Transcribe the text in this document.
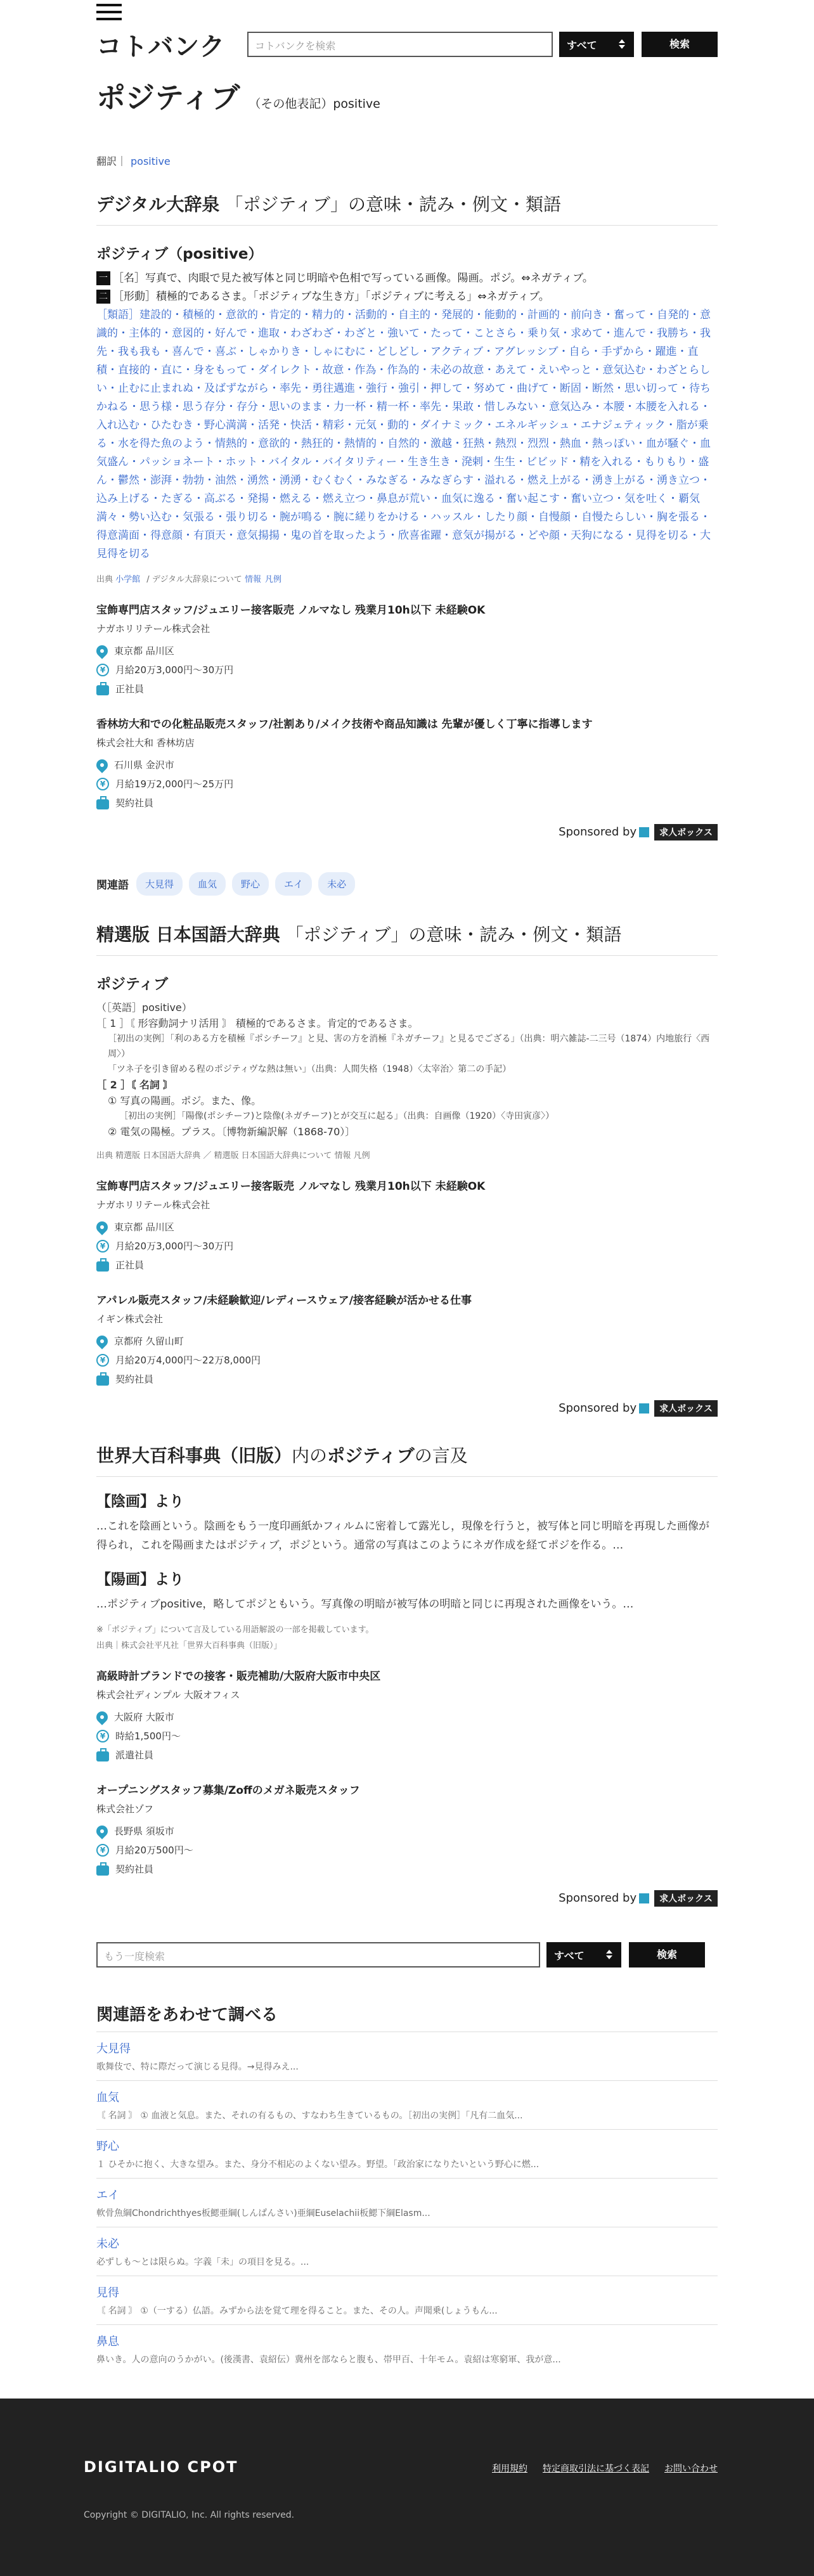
コトバンク	コトバンクを検索	すべて	検索
ポジティブ （その他表記）positive
翻訳｜ positive
デジタル大辞泉 「ポジティブ」の意味・読み・例文・類語
ポジティブ（positive）
一 ［名］写真で、肉眼で見た被写体と同じ明暗や色相で写っている画像。陽画。ポジ。⇔ネガティブ。
二 ［形動］積極的であるさま。「ポジティブな生き方」「ポジティブに考える」⇔ネガティブ。
［類語］建設的・積極的・意欲的・肯定的・精力的・活動的・自主的・発展的・能動的・計画的・前向き・奮って・自発的・意識的・主体的・意図的・好んで・進取・わざわざ・わざと・強いて・たって・ことさら・乗り気・求めて・進んで・我勝ち・我先・我も我も・喜んで・喜ぶ・しゃかりき・しゃにむに・どしどし・アクティブ・アグレッシブ・自ら・手ずから・躍進・直積・直接的・直に・身をもって・ダイレクト・故意・作為・作為的・未必の故意・あえて・えいやっと・意気込む・わざとらしい・止むに止まれぬ・及ばずながら・率先・勇往邁進・強行・強引・押して・努めて・曲げて・断固・断然・思い切って・待ちかねる・思う様・思う存分・存分・思いのまま・力一杯・精一杯・率先・果敢・惜しみない・意気込み・本腰・本腰を入れる・入れ込む・ひたむき・野心満満・活発・快活・精彩・元気・動的・ダイナミック・エネルギッシュ・エナジェティック・脂が乗る・水を得た魚のよう・情熱的・意欲的・熱狂的・熱情的・自然的・激越・狂熱・熱烈・烈烈・熱血・熱っぽい・血が騒ぐ・血気盛ん・パッショネート・ホット・バイタル・バイタリティー・生き生き・溌剌・生生・ビビッド・精を入れる・もりもり・盛ん・鬱然・澎湃・勃勃・油然・湧然・湧湧・むくむく・みなぎる・みなぎらす・溢れる・燃え上がる・湧き上がる・湧き立つ・込み上げる・たぎる・高ぶる・発揚・燃える・燃え立つ・鼻息が荒い・血気に逸る・奮い起こす・奮い立つ・気を吐く・覇気満々・勢い込む・気張る・張り切る・腕が鳴る・腕に縒りをかける・ハッスル・したり顔・自慢顔・自慢たらしい・胸を張る・得意満面・得意顔・有頂天・意気揚揚・鬼の首を取ったよう・欣喜雀躍・意気が揚がる・どや顔・天狗になる・見得を切る・大見得を切る
出典 小学館 / デジタル大辞泉について 情報 凡例
宝飾専門店スタッフ/ジュエリー接客販売 ノルマなし 残業月10h以下 未経験OK
ナガホリリテール株式会社
東京都 品川区
¥	月給20万3,000円〜30万円
正社員
香林坊大和での化粧品販売スタッフ/社割あり/メイク技術や商品知識は 先輩が優しく丁寧に指導します
株式会社大和 香林坊店
石川県 金沢市
¥	月給19万2,000円〜25万円
契約社員
Sponsored by	求人ボックス
関連語	大見得	血気	野心	エイ	未必
精選版 日本国語大辞典 「ポジティブ」の意味・読み・例文・類語
ポジティブ
（［英語］positive）
［ 1 ］〘 形容動詞ナリ活用 〙 積極的であるさま。肯定的であるさま。
［初出の実例］「利のある方を積極『ポシチーフ』と見、害の方を消極『ネガチーフ』と見るでござる」（出典：明六雑誌-二三号（1874）内地旅行〈西周〉）
「ツネ子を引き留める程のポジティヴな熱は無い」（出典：人間失格（1948）〈太宰治〉第二の手記）
［ 2 ］〘 名詞 〙
① 写真の陽画。ポジ。また、像。
［初出の実例］「陽像(ポシチーフ)と陰像(ネガチーフ)とが交互に起る」（出典：自画像（1920）〈寺田寅彦〉）
② 電気の陽極。プラス。〔博物新編訳解（1868-70）〕
出典 精選版 日本国語大辞典 ／ 精選版 日本国語大辞典について 情報 凡例
宝飾専門店スタッフ/ジュエリー接客販売 ノルマなし 残業月10h以下 未経験OK
ナガホリリテール株式会社
東京都 品川区
¥	月給20万3,000円〜30万円
正社員
アパレル販売スタッフ/未経験歓迎/レディースウェア/接客経験が活かせる仕事
イギン株式会社
京都府 久留山町
¥	月給20万4,000円〜22万8,000円
契約社員
Sponsored by	求人ボックス
世界大百科事典（旧版）内のポジティブの言及
【陰画】より
…これを陰画という。陰画をもう一度印画紙かフィルムに密着して露光し，現像を行うと，被写体と同じ明暗を再現した画像が得られ，これを陽画またはポジティブ，ポジという。通常の写真はこのようにネガ作成を経てポジを作る。…
【陽画】より
…ポジティブpositive，略してポジともいう。写真像の明暗が被写体の明暗と同じに再現された画像をいう。…
※「ポジティブ」について言及している用語解説の一部を掲載しています。
出典｜株式会社平凡社「世界大百科事典（旧版）」
高級時計ブランドでの接客・販売補助/大阪府大阪市中央区
株式会社ディンプル 大阪オフィス
大阪府 大阪市
¥	時給1,500円〜
派遣社員
オープニングスタッフ募集/Zoffのメガネ販売スタッフ
株式会社ゾフ
長野県 須坂市
¥	月給20万500円〜
契約社員
Sponsored by	求人ボックス
もう一度検索	すべて	検索
関連語をあわせて調べる
大見得
歌舞伎で、特に際だって演じる見得。→見得みえ...
血気
〘 名詞 〙 ① 血液と気息。また、それの有るもの、すなわち生きているもの。［初出の実例］「凡有二血気...
野心
１ ひそかに抱く、大きな望み。また、身分不相応のよくない望み。野望。「政治家になりたいという野心に燃...
エイ
軟骨魚綱Chondrichthyes板鰓亜綱(しんぱんさい)亜綱Euselachii板鰓下綱Elasm...
未必
必ずしも～とは限らぬ。字義「未」の項目を見る。...
見得
〘 名詞 〙 ①（一する）仏語。みずから法を覚て理を得ること。また、その人。声聞乗(しょうもん...
鼻息
鼻いき。人の意向のうかがい。(後漢書、袁紹伝）冀州を部ならと腹も、帯甲百、十年モム。袁紹は寒窮軍、我が意...
DIGITALIO CPOT	利用規約 特定商取引法に基づく表記 お問い合わせ
Copyright © DIGITALIO, Inc. All rights reserved.
